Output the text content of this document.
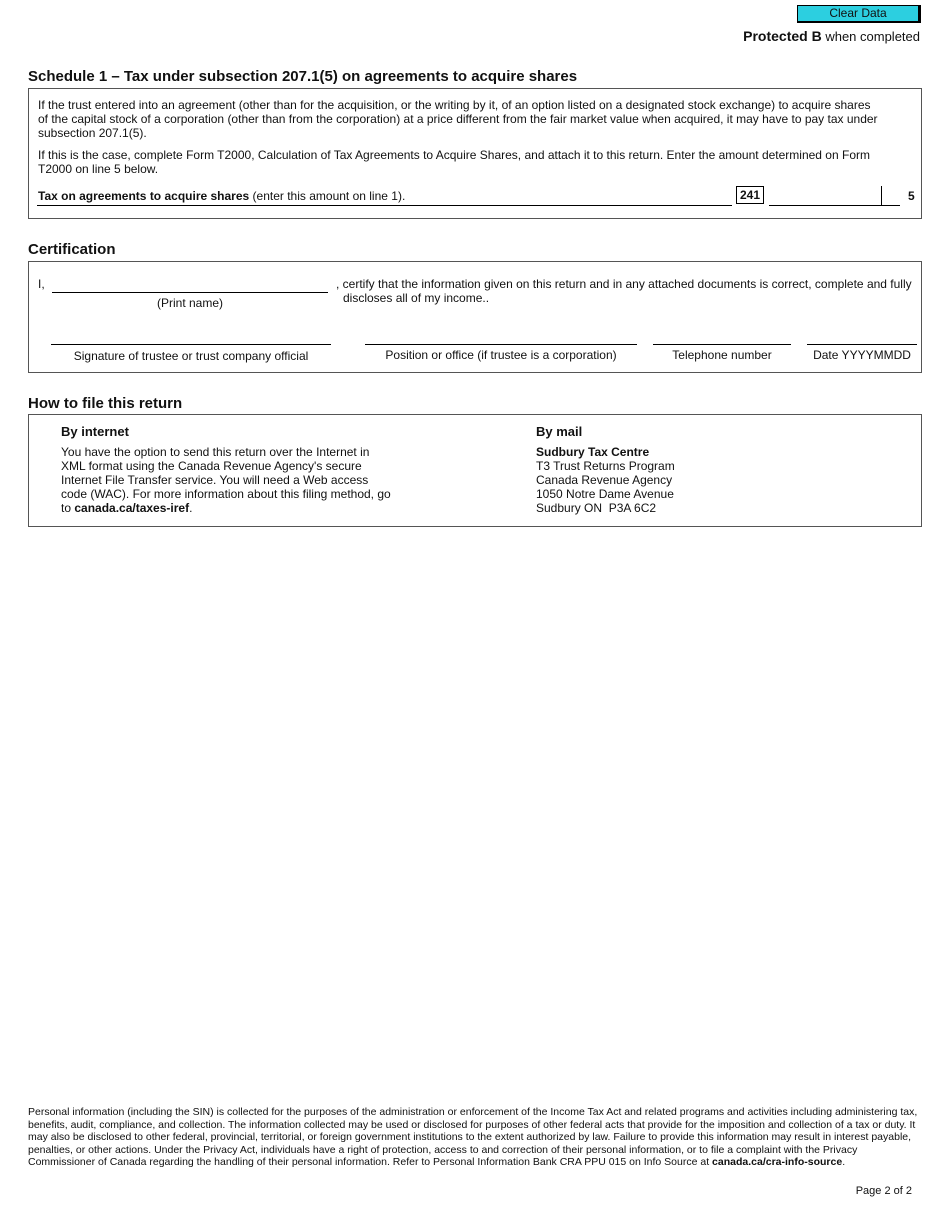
Clear Data
Protected B when completed
Schedule 1 – Tax under subsection 207.1(5) on agreements to acquire shares
If the trust entered into an agreement (other than for the acquisition, or the writing by it, of an option listed on a designated stock exchange) to acquire shares of the capital stock of a corporation (other than from the corporation) at a price different from the fair market value when acquired, it may have to pay tax under subsection 207.1(5).
If this is the case, complete Form T2000, Calculation of Tax Agreements to Acquire Shares, and attach it to this return. Enter the amount determined on Form T2000 on line 5 below.
Tax on agreements to acquire shares (enter this amount on line 1).	241	5
Certification
I,
(Print name)
, certify that the information given on this return and in any attached documents is correct, complete and fully discloses all of my income..
Signature of trustee or trust company official	Position or office (if trustee is a corporation)	Telephone number	Date YYYYMMDD
How to file this return
By internet
You have the option to send this return over the Internet in XML format using the Canada Revenue Agency's secure Internet File Transfer service. You will need a Web access code (WAC). For more information about this filing method, go to canada.ca/taxes-iref.
By mail
Sudbury Tax Centre
T3 Trust Returns Program
Canada Revenue Agency
1050 Notre Dame Avenue
Sudbury ON  P3A 6C2
Personal information (including the SIN) is collected for the purposes of the administration or enforcement of the Income Tax Act and related programs and activities including administering tax, benefits, audit, compliance, and collection. The information collected may be used or disclosed for purposes of other federal acts that provide for the imposition and collection of a tax or duty. It may also be disclosed to other federal, provincial, territorial, or foreign government institutions to the extent authorized by law. Failure to provide this information may result in interest payable, penalties, or other actions. Under the Privacy Act, individuals have a right of protection, access to and correction of their personal information, or to file a complaint with the Privacy Commissioner of Canada regarding the handling of their personal information. Refer to Personal Information Bank CRA PPU 015 on Info Source at canada.ca/cra-info-source.
Page 2 of 2
